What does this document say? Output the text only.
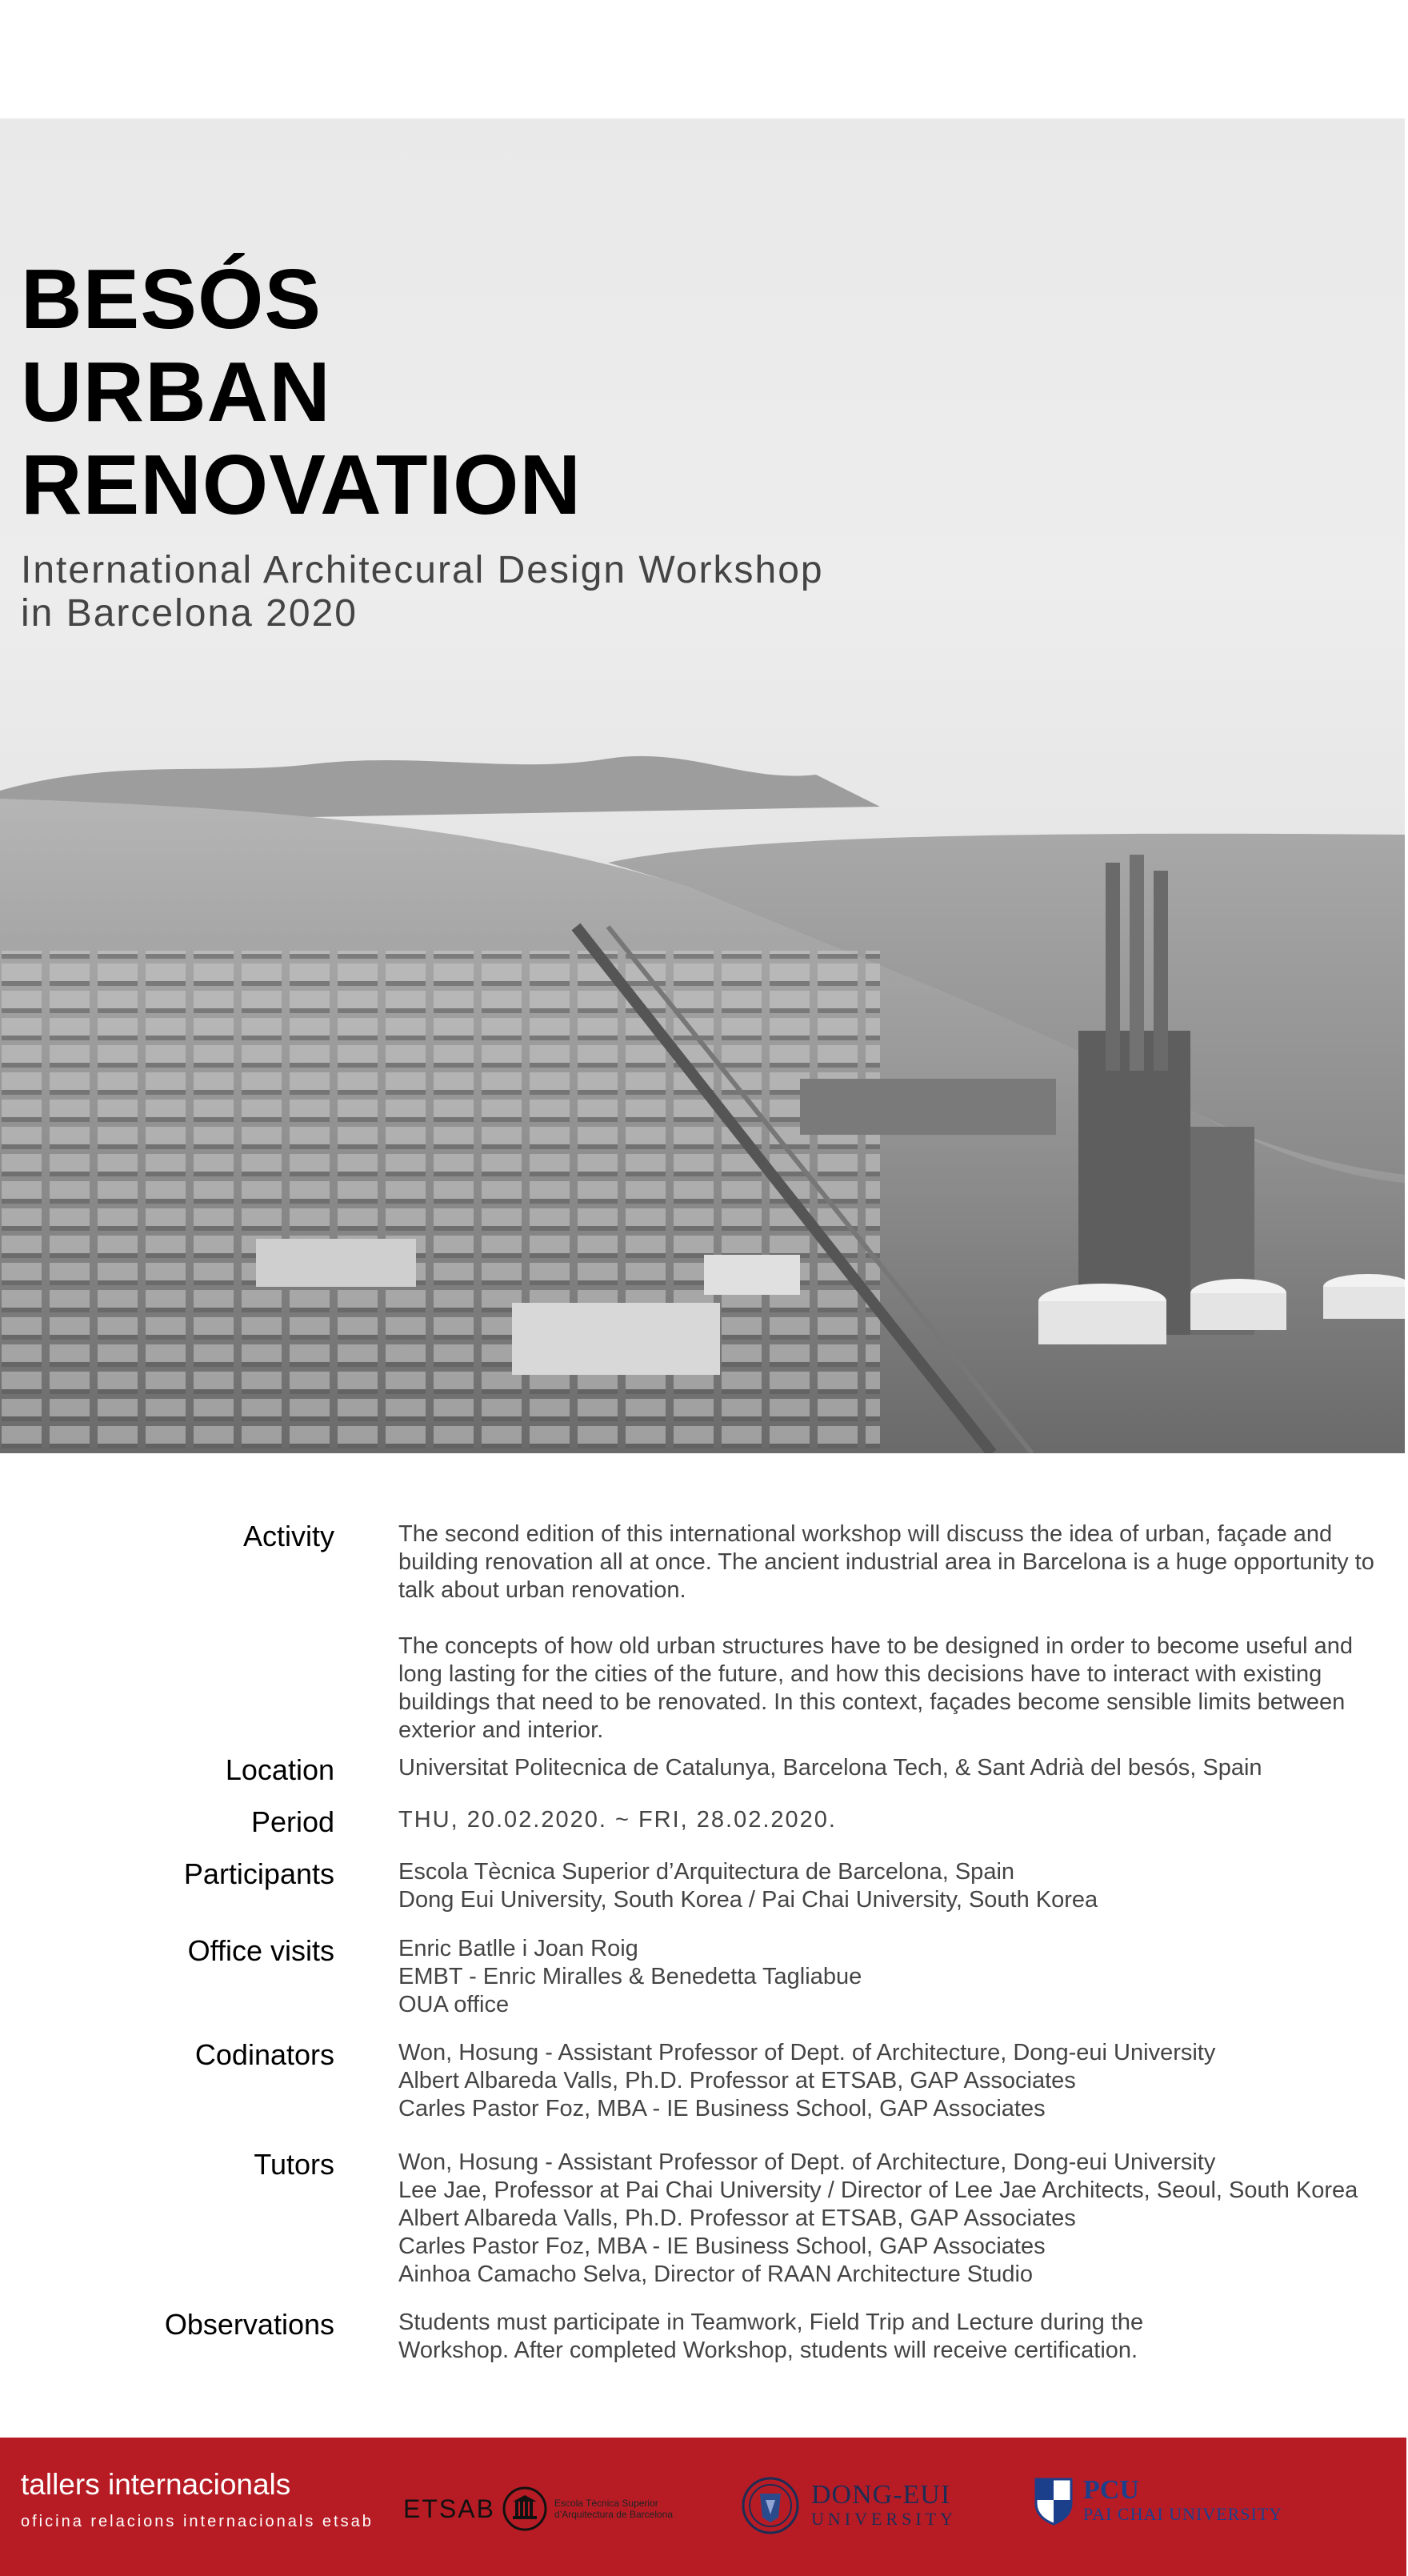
BESÓS
URBAN
RENOVATION
International Architecural Design Workshop
in Barcelona 2020
Activity	The second edition of this international workshop will discuss the idea of urban, façade and building renovation all at once. The ancient industrial area in Barcelona is a huge opportunity to talk about urban renovation.
The concepts of how old urban structures have to be designed in order to become useful and long lasting for the cities of the future, and how this decisions have to interact with existing buildings that need to be renovated. In this context, façades become sensible limits between exterior and interior.
Location	Universitat Politecnica de Catalunya, Barcelona Tech, & Sant Adrià del besós, Spain
Period	THU, 20.02.2020. ~ FRI, 28.02.2020.
Participants	Escola Tècnica Superior d’Arquitectura de Barcelona, Spain
Dong Eui University, South Korea / Pai Chai University, South Korea
Office visits	Enric Batlle i Joan Roig
EMBT - Enric Miralles & Benedetta Tagliabue
OUA office
Codinators	Won, Hosung - Assistant Professor of Dept. of Architecture, Dong-eui University
Albert Albareda Valls, Ph.D. Professor at ETSAB, GAP Associates
Carles Pastor Foz, MBA - IE Business School, GAP Associates
Tutors	Won, Hosung - Assistant Professor of Dept. of Architecture, Dong-eui University
Lee Jae, Professor at Pai Chai University / Director of Lee Jae Architects, Seoul, South Korea
Albert Albareda Valls, Ph.D. Professor at ETSAB, GAP Associates
Carles Pastor Foz, MBA - IE Business School, GAP Associates
Ainhoa Camacho Selva, Director of RAAN Architecture Studio
Observations	Students must participate in Teamwork, Field Trip and Lecture during the
Workshop. After completed Workshop, students will receive certification.
tallers internacionals
oficina relacions internacionals etsab ETSAB	Escola Tècnica Superior
d’Arquitectura de Barcelona
DONG-EUI
UNIVERSITY
PCU
PAI CHAI UNIVERSITY
